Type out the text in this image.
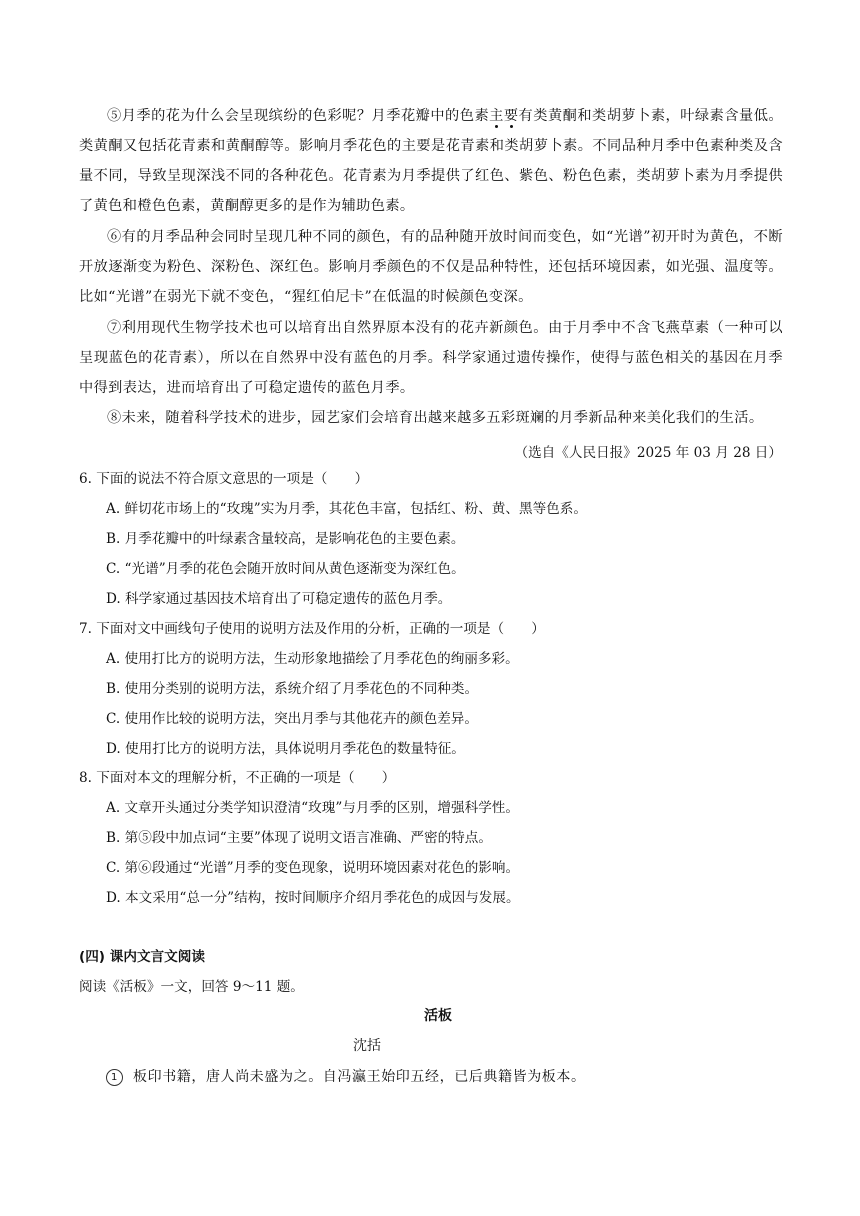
⑤月季的花为什么会呈现缤纷的色彩呢？月季花瓣中的色素主要有类黄酮和类胡萝卜素，叶绿素含量低。类黄酮又包括花青素和黄酮醇等。影响月季花色的主要是花青素和类胡萝卜素。不同品种月季中色素种类及含量不同，导致呈现深浅不同的各种花色。花青素为月季提供了红色、紫色、粉色色素，类胡萝卜素为月季提供了黄色和橙色色素，黄酮醇更多的是作为辅助色素。

⑥有的月季品种会同时呈现几种不同的颜色，有的品种随开放时间而变色，如“光谱”初开时为黄色，不断开放逐渐变为粉色、深粉色、深红色。影响月季颜色的不仅是品种特性，还包括环境因素，如光强、温度等。比如“光谱”在弱光下就不变色，“猩红伯尼卡”在低温的时候颜色变深。

⑦利用现代生物学技术也可以培育出自然界原本没有的花卉新颜色。由于月季中不含飞燕草素（一种可以呈现蓝色的花青素），所以在自然界中没有蓝色的月季。科学家通过遗传操作，使得与蓝色相关的基因在月季中得到表达，进而培育出了可稳定遗传的蓝色月季。

⑧未来，随着科学技术的进步，园艺家们会培育出越来越多五彩斑斓的月季新品种来美化我们的生活。

（选自《人民日报》2025 年 03 月 28 日）

6. 下面的说法不符合原文意思的一项是（　　）

A. 鲜切花市场上的“玫瑰”实为月季，其花色丰富，包括红、粉、黄、黑等色系。

B. 月季花瓣中的叶绿素含量较高，是影响花色的主要色素。

C. “光谱”月季的花色会随开放时间从黄色逐渐变为深红色。

D. 科学家通过基因技术培育出了可稳定遗传的蓝色月季。

7. 下面对文中画线句子使用的说明方法及作用的分析，正确的一项是（　　）

A. 使用打比方的说明方法，生动形象地描绘了月季花色的绚丽多彩。

B. 使用分类别的说明方法，系统介绍了月季花色的不同种类。

C. 使用作比较的说明方法，突出月季与其他花卉的颜色差异。

D. 使用打比方的说明方法，具体说明月季花色的数量特征。

8. 下面对本文的理解分析，不正确的一项是（　　）

A. 文章开头通过分类学知识澄清“玫瑰”与月季的区别，增强科学性。

B. 第⑤段中加点词“主要”体现了说明文语言准确、严密的特点。

C. 第⑥段通过“光谱”月季的变色现象，说明环境因素对花色的影响。

D. 本文采用“总一分”结构，按时间顺序介绍月季花色的成因与发展。

(四) 课内文言文阅读

阅读《活板》一文，回答 9～11 题。

活板

沈括

1 板印书籍，唐人尚未盛为之。自冯瀛王始印五经，已后典籍皆为板本。
